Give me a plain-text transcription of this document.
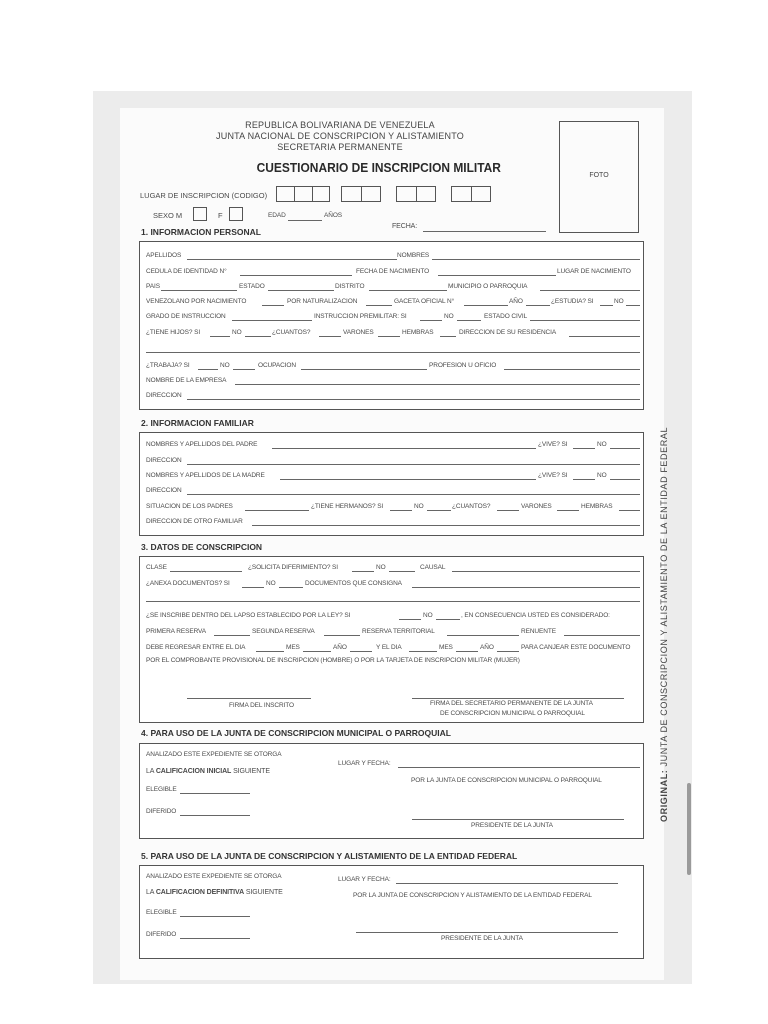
REPUBLICA BOLIVARIANA DE VENEZUELA
JUNTA NACIONAL DE CONSCRIPCION Y ALISTAMIENTO
SECRETARIA PERMANENTE
CUESTIONARIO DE INSCRIPCION MILITAR
FOTO
LUGAR DE INSCRIPCION (CODIGO)
SEXO M	F	EDAD	AÑOS
FECHA:
1. INFORMACION PERSONAL
APELLIDOS	NOMBRES
CEDULA DE IDENTIDAD N°	FECHA DE NACIMIENTO	LUGAR DE NACIMIENTO
PAIS	ESTADO	DISTRITO	MUNICIPIO O PARROQUIA
VENEZOLANO POR NACIMIENTO	POR NATURALIZACION	GACETA OFICIAL N°	AÑO	¿ESTUDIA? SI	NO
GRADO DE INSTRUCCION	INSTRUCCION PREMILITAR: SI	NO	ESTADO CIVIL
¿TIENE HIJOS? SI	NO	¿CUANTOS?	VARONES	HEMBRAS	DIRECCION DE SU RESIDENCIA
¿TRABAJA? SI	NO	OCUPACION	PROFESION U OFICIO
NOMBRE DE LA EMPRESA
DIRECCION
2. INFORMACION FAMILIAR
NOMBRES Y APELLIDOS DEL PADRE	¿VIVE? SI	NO
DIRECCION
NOMBRES Y APELLIDOS DE LA MADRE	¿VIVE? SI	NO
DIRECCION
SITUACION DE LOS PADRES	¿TIENE HERMANOS? SI	NO	¿CUANTOS?	VARONES	HEMBRAS
DIRECCION DE OTRO FAMILIAR
3. DATOS DE CONSCRIPCION
CLASE	¿SOLICITA DIFERIMIENTO? SI	NO	CAUSAL
¿ANEXA DOCUMENTOS? SI	NO	DOCUMENTOS QUE CONSIGNA
¿SE INSCRIBE DENTRO DEL LAPSO ESTABLECIDO POR LA LEY? SI	NO	, EN CONSECUENCIA USTED ES CONSIDERADO:
PRIMERA RESERVA	SEGUNDA RESERVA	RESERVA TERRITORIAL	RENUENTE
DEBE REGRESAR ENTRE EL DIA	MES	AÑO	Y EL DIA	MES	AÑO	PARA CANJEAR ESTE DOCUMENTO
POR EL COMPROBANTE PROVISIONAL DE INSCRIPCION (HOMBRE) O POR LA TARJETA DE INSCRIPCION MILITAR (MUJER)
FIRMA DEL INSCRITO	FIRMA DEL SECRETARIO PERMANENTE DE LA JUNTA
DE CONSCRIPCION MUNICIPAL O PARROQUIAL
4. PARA USO DE LA JUNTA DE CONSCRIPCION MUNICIPAL O PARROQUIAL
ANALIZADO ESTE EXPEDIENTE SE OTORGA
LA CALIFICACION INICIAL SIGUIENTE
LUGAR Y FECHA:
POR LA JUNTA DE CONSCRIPCION MUNICIPAL O PARROQUIAL
ELEGIBLE
DIFERIDO
PRESIDENTE DE LA JUNTA
5. PARA USO DE LA JUNTA DE CONSCRIPCION Y ALISTAMIENTO DE LA ENTIDAD FEDERAL
ANALIZADO ESTE EXPEDIENTE SE OTORGA
LA CALIFICACION DEFINITIVA SIGUIENTE
LUGAR Y FECHA:
POR LA JUNTA DE CONSCRIPCION Y ALISTAMIENTO DE LA ENTIDAD FEDERAL
ELEGIBLE
DIFERIDO
PRESIDENTE DE LA JUNTA
ORIGINAL: JUNTA DE CONSCRIPCION Y ALISTAMIENTO DE LA ENTIDAD FEDERAL
